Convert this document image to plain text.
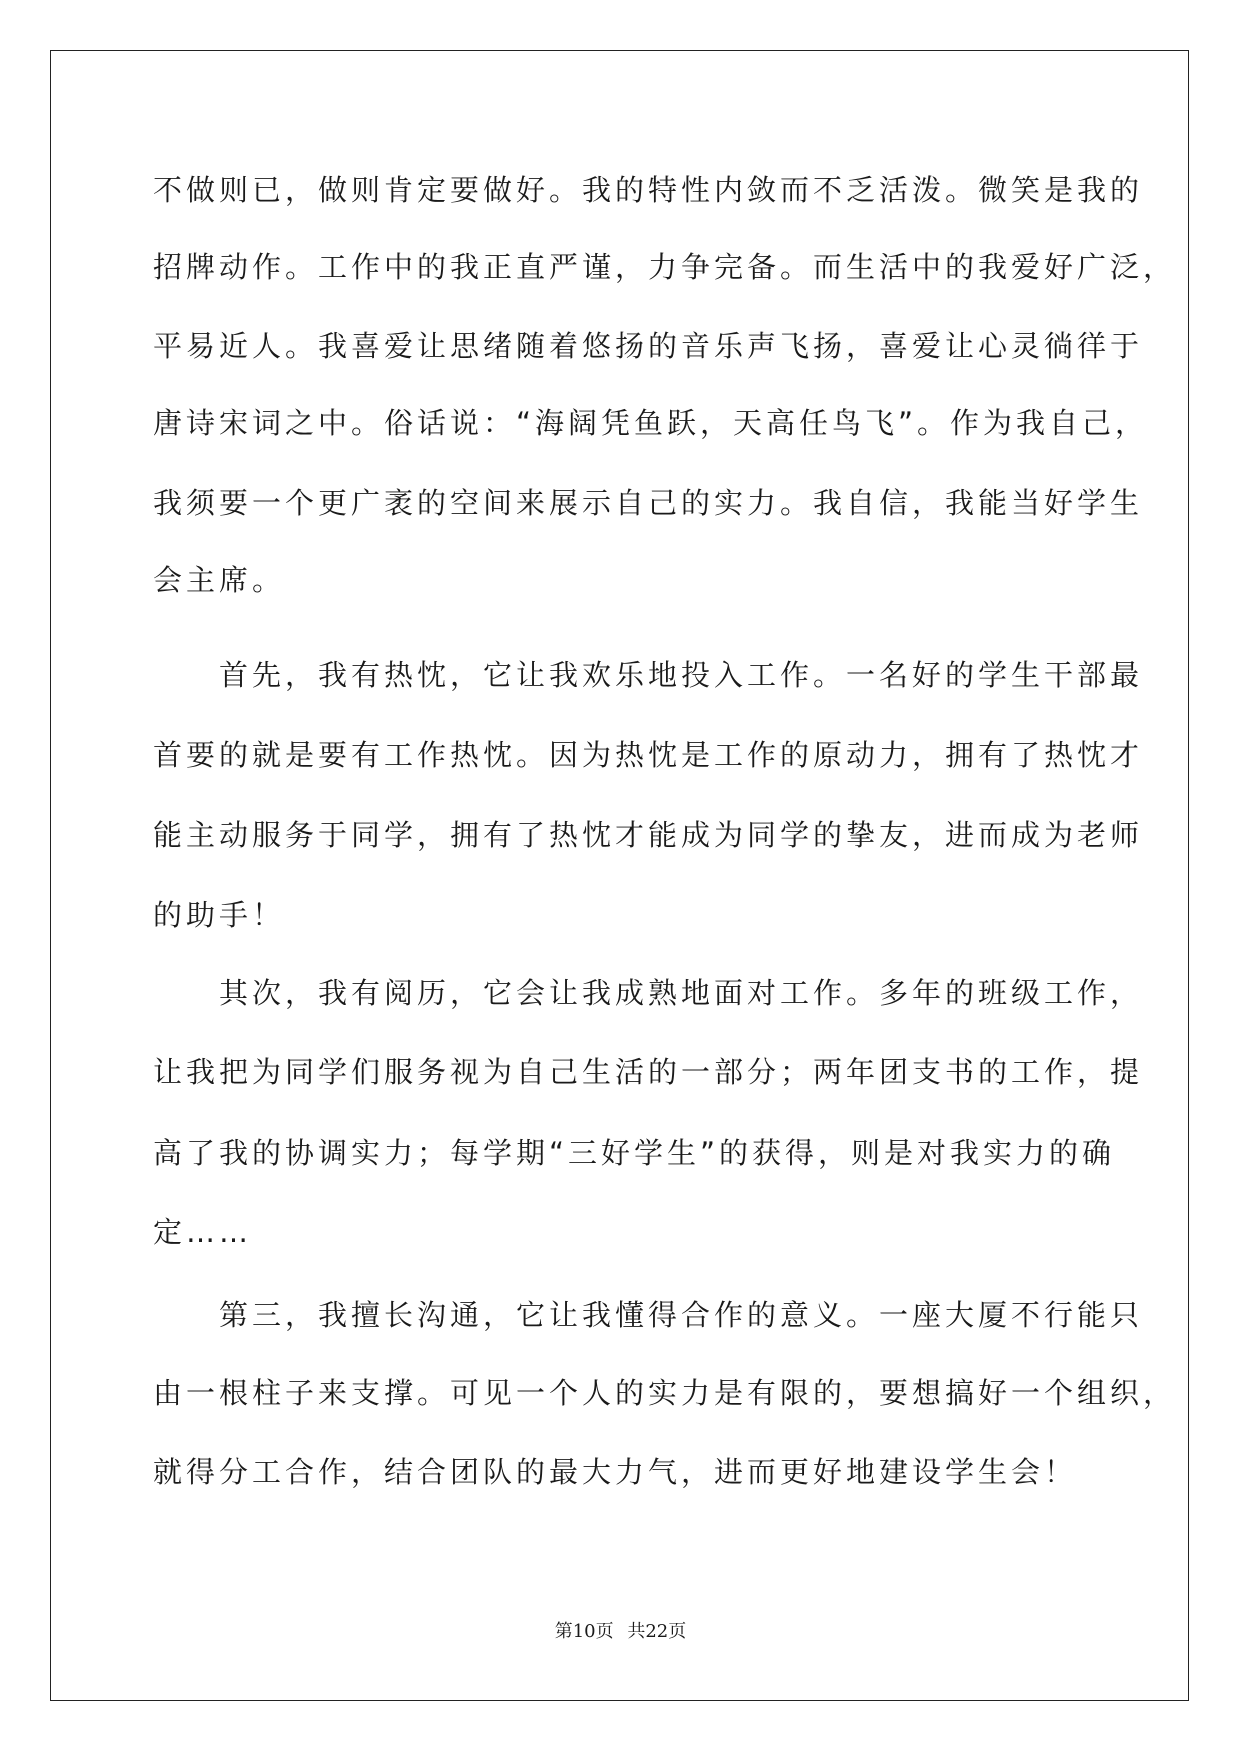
不做则已，做则肯定要做好。我的特性内敛而不乏活泼。微笑是我的

招牌动作。工作中的我正直严谨，力争完备。而生活中的我爱好广泛，

平易近人。我喜爱让思绪随着悠扬的音乐声飞扬，喜爱让心灵徜徉于

唐诗宋词之中。俗话说：“海阔凭鱼跃，天高任鸟飞”。作为我自己，

我须要一个更广袤的空间来展示自己的实力。我自信，我能当好学生

会主席。

　　首先，我有热忱，它让我欢乐地投入工作。一名好的学生干部最

首要的就是要有工作热忱。因为热忱是工作的原动力，拥有了热忱才

能主动服务于同学，拥有了热忱才能成为同学的挚友，进而成为老师

的助手！

　　其次，我有阅历，它会让我成熟地面对工作。多年的班级工作，

让我把为同学们服务视为自己生活的一部分；两年团支书的工作，提

高了我的协调实力；每学期“三好学生”的获得，则是对我实力的确

定……

　　第三，我擅长沟通，它让我懂得合作的意义。一座大厦不行能只

由一根柱子来支撑。可见一个人的实力是有限的，要想搞好一个组织，

就得分工合作，结合团队的最大力气，进而更好地建设学生会！

第10页 共22页
